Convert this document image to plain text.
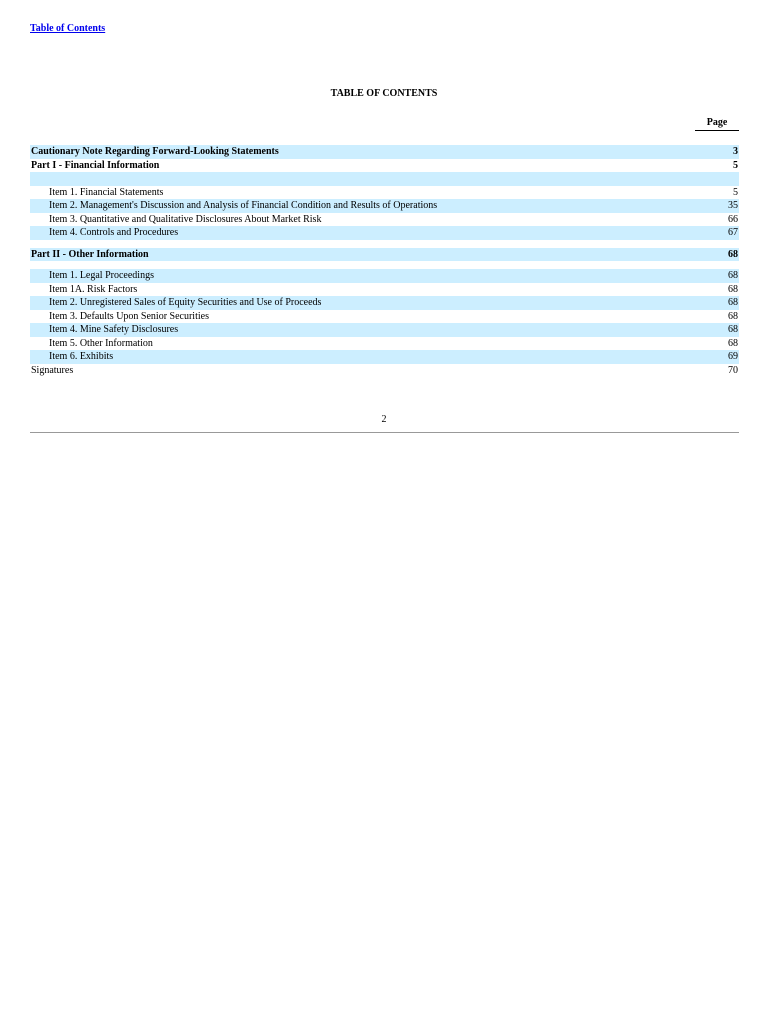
Table of Contents
TABLE OF CONTENTS
Page
Cautionary Note Regarding Forward-Looking Statements	3
Part I - Financial Information	5
Item 1. Financial Statements	5
Item 2. Management's Discussion and Analysis of Financial Condition and Results of Operations	35
Item 3. Quantitative and Qualitative Disclosures About Market Risk	66
Item 4. Controls and Procedures	67
Part II - Other Information	68
Item 1. Legal Proceedings	68
Item 1A. Risk Factors	68
Item 2. Unregistered Sales of Equity Securities and Use of Proceeds	68
Item 3. Defaults Upon Senior Securities	68
Item 4. Mine Safety Disclosures	68
Item 5. Other Information	68
Item 6. Exhibits	69
Signatures	70
2
